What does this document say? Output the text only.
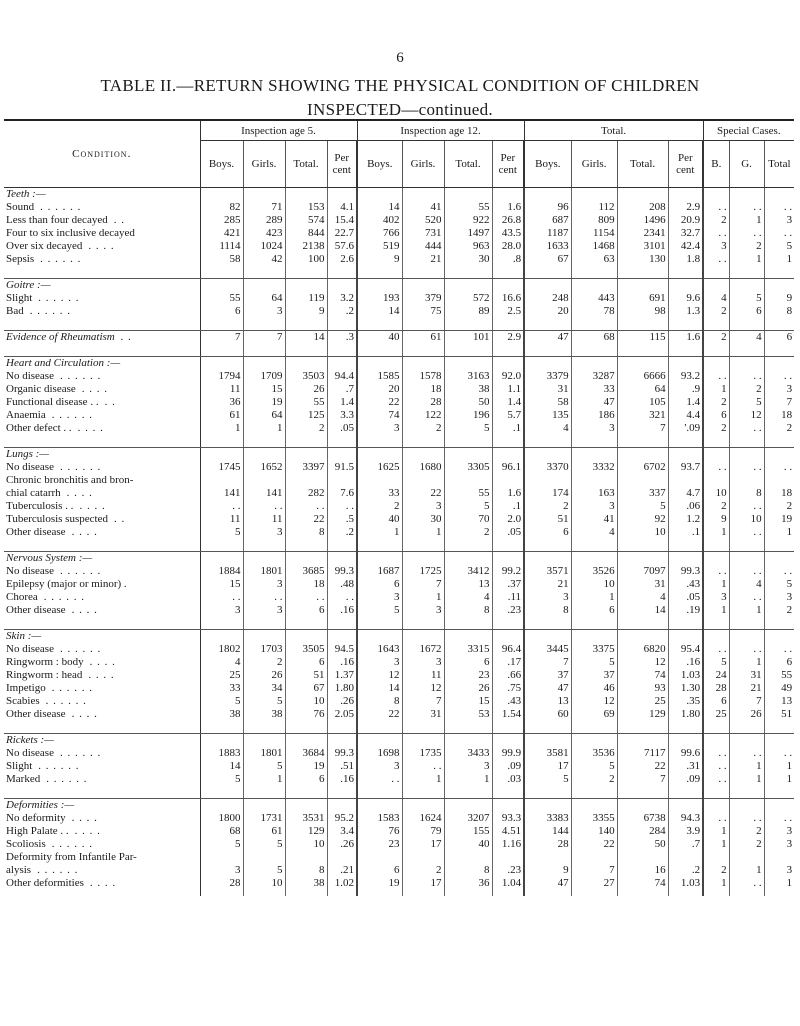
6
TABLE II.—RETURN SHOWING THE PHYSICAL CONDITION OF CHILDREN
INSPECTED—continued.
Condition.	Inspection age 5.				Inspection age 12.				Total.				Special Cases.		
	Boys.	Girls.	Total.	Per cent	Boys.	Girls.	Total.	Per cent	Boys.	Girls.	Total.	Per cent	B.	G.	Total
Teeth :—															
Sound . . . . . .	82	71	153	4.1	14	41	55	1.6	96	112	208	2.9	. .	. .	. .
Less than four decayed . .	285	289	574	15.4	402	520	922	26.8	687	809	1496	20.9	2	1	3
Four to six inclusive decayed	421	423	844	22.7	766	731	1497	43.5	1187	1154	2341	32.7	. .	. .	. .
Over six decayed . . . .	1114	1024	2138	57.6	519	444	963	28.0	1633	1468	3101	42.4	3	2	5
Sepsis . . . . . .	58	42	100	2.6	9	21	30	.8	67	63	130	1.8	. .	1	1

Goitre :—															
Slight . . . . . .	55	64	119	3.2	193	379	572	16.6	248	443	691	9.6	4	5	9
Bad . . . . . .	6	3	9	.2	14	75	89	2.5	20	78	98	1.3	2	6	8

Evidence of Rheumatism . .	7	7	14	.3	40	61	101	2.9	47	68	115	1.6	2	4	6

Heart and Circulation :—															
No disease . . . . . .	1794	1709	3503	94.4	1585	1578	3163	92.0	3379	3287	6666	93.2	. .	. .	. .
Organic disease . . . .	11	15	26	.7	20	18	38	1.1	31	33	64	.9	1	2	3
Functional disease . . . .	36	19	55	1.4	22	28	50	1.4	58	47	105	1.4	2	5	7
Anaemia . . . . . .	61	64	125	3.3	74	122	196	5.7	135	186	321	4.4	6	12	18
Other defect . . . . . .	1	1	2	.05	3	2	5	.1	4	3	7	'.09	2	. .	2

Lungs :—															
No disease . . . . . .	1745	1652	3397	91.5	1625	1680	3305	96.1	3370	3332	6702	93.7	. .	. .	. .
Chronic bronchitis and bron-															
chial catarrh . . . .	141	141	282	7.6	33	22	55	1.6	174	163	337	4.7	10	8	18
Tuberculosis . . . . . .	. .	. .	. .	. .	2	3	5	.1	2	3	5	.06	2	. .	2
Tuberculosis suspected . .	11	11	22	.5	40	30	70	2.0	51	41	92	1.2	9	10	19
Other disease . . . .	5	3	8	.2	1	1	2	.05	6	4	10	.1	1	. .	1

Nervous System :—															
No disease . . . . . .	1884	1801	3685	99.3	1687	1725	3412	99.2	3571	3526	7097	99.3	. .	. .	. .
Epilepsy (major or minor) .	15	3	18	.48	6	7	13	.37	21	10	31	.43	1	4	5
Chorea . . . . . .	. .	. .	. .	. .	3	1	4	.11	3	1	4	.05	3	. .	3
Other disease . . . .	3	3	6	.16	5	3	8	.23	8	6	14	.19	1	1	2

Skin :—															
No disease . . . . . .	1802	1703	3505	94.5	1643	1672	3315	96.4	3445	3375	6820	95.4	. .	. .	. .
Ringworm : body . . . .	4	2	6	.16	3	3	6	.17	7	5	12	.16	5	1	6
Ringworm : head . . . .	25	26	51	1.37	12	11	23	.66	37	37	74	1.03	24	31	55
Impetigo . . . . . .	33	34	67	1.80	14	12	26	.75	47	46	93	1.30	28	21	49
Scabies . . . . . .	5	5	10	.26	8	7	15	.43	13	12	25	.35	6	7	13
Other disease . . . .	38	38	76	2.05	22	31	53	1.54	60	69	129	1.80	25	26	51

Rickets :—															
No disease . . . . . .	1883	1801	3684	99.3	1698	1735	3433	99.9	3581	3536	7117	99.6	. .	. .	. .
Slight . . . . . .	14	5	19	.51	3	. .	3	.09	17	5	22	.31	. .	1	1
Marked . . . . . .	5	1	6	.16	. .	1	1	.03	5	2	7	.09	. .	1	1

Deformities :—															
No deformity . . . .	1800	1731	3531	95.2	1583	1624	3207	93.3	3383	3355	6738	94.3	. .	. .	. .
High Palate . . . . . .	68	61	129	3.4	76	79	155	4.51	144	140	284	3.9	1	2	3
Scoliosis . . . . . .	5	5	10	.26	23	17	40	1.16	28	22	50	.7	1	2	3
Deformity from Infantile Par-															
alysis . . . . . .	3	5	8	.21	6	2	8	.23	9	7	16	.2	2	1	3
Other deformities . . . .	28	10	38	1.02	19	17	36	1.04	47	27	74	1.03	1	. .	1
